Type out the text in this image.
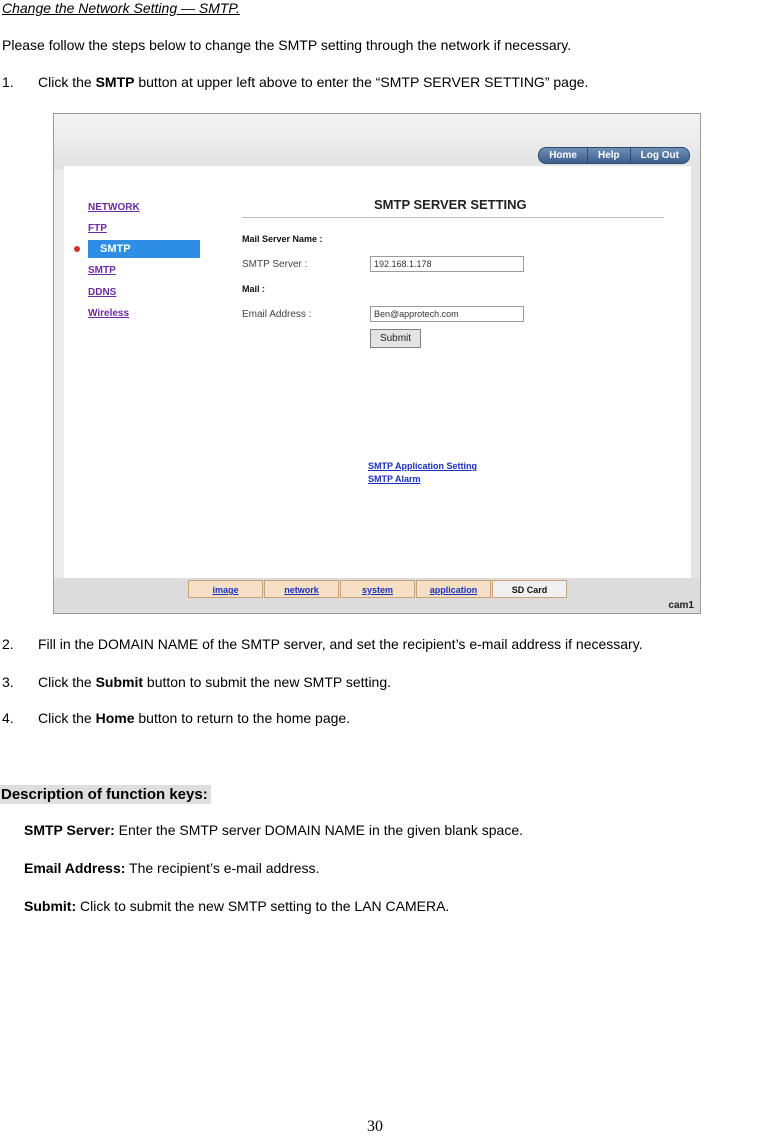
Change the Network Setting — SMTP.
Please follow the steps below to change the SMTP setting through the network if necessary.
1. Click the SMTP button at upper left above to enter the “SMTP SERVER SETTING” page.
Home	Help	Log Out
NETWORK
FTP
SMTP
SMTP
DDNS
Wireless
SMTP SERVER SETTING
Mail Server Name :
SMTP Server :	192.168.1.178
Mail :
Email Address :	Ben@approtech.com
Submit
SMTP Application Setting
SMTP Alarm
image	network	system	application	SD Card
cam1
2. Fill in the DOMAIN NAME of the SMTP server, and set the recipient’s e-mail address if necessary.
3. Click the Submit button to submit the new SMTP setting.
4. Click the Home button to return to the home page.
Description of function keys:
SMTP Server: Enter the SMTP server DOMAIN NAME in the given blank space.
Email Address: The recipient’s e-mail address.
Submit: Click to submit the new SMTP setting to the LAN CAMERA.
30
